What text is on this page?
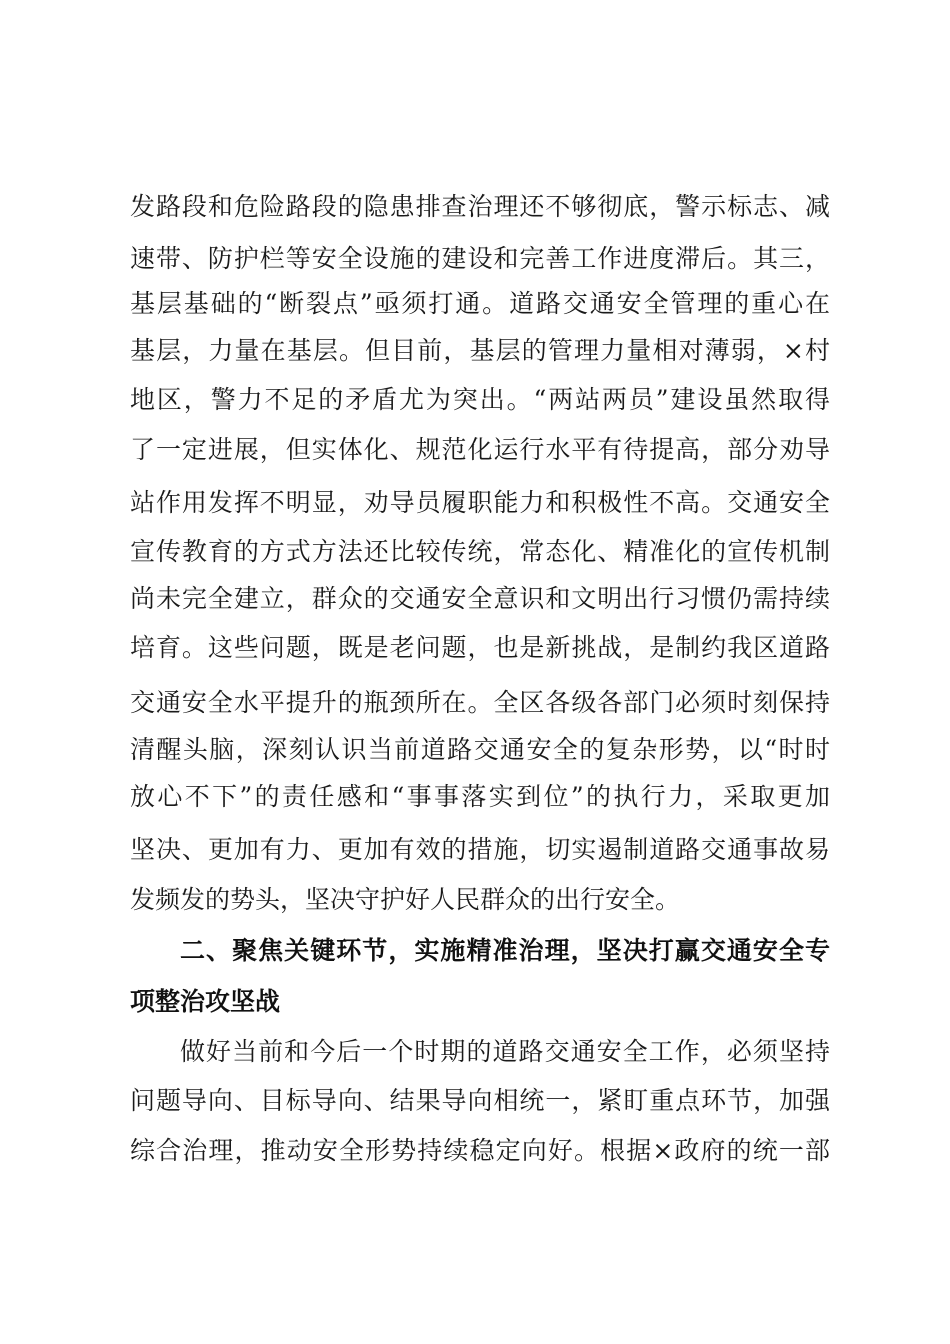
发路段和危险路段的隐患排查治理还不够彻底，警示标志、减
速带、防护栏等安全设施的建设和完善工作进度滞后。其三，
基层基础的“断裂点”亟须打通。道路交通安全管理的重心在
基层，力量在基层。但目前，基层的管理力量相对薄弱，×村
地区，警力不足的矛盾尤为突出。“两站两员”建设虽然取得
了一定进展，但实体化、规范化运行水平有待提高，部分劝导
站作用发挥不明显，劝导员履职能力和积极性不高。交通安全
宣传教育的方式方法还比较传统，常态化、精准化的宣传机制
尚未完全建立，群众的交通安全意识和文明出行习惯仍需持续
培育。这些问题，既是老问题，也是新挑战，是制约我区道路
交通安全水平提升的瓶颈所在。全区各级各部门必须时刻保持
清醒头脑，深刻认识当前道路交通安全的复杂形势，以“时时
放心不下”的责任感和“事事落实到位”的执行力，采取更加
坚决、更加有力、更加有效的措施，切实遏制道路交通事故易
发频发的势头，坚决守护好人民群众的出行安全。
二、聚焦关键环节，实施精准治理，坚决打赢交通安全专
项整治攻坚战
做好当前和今后一个时期的道路交通安全工作，必须坚持
问题导向、目标导向、结果导向相统一，紧盯重点环节，加强
综合治理，推动安全形势持续稳定向好。根据×政府的统一部
